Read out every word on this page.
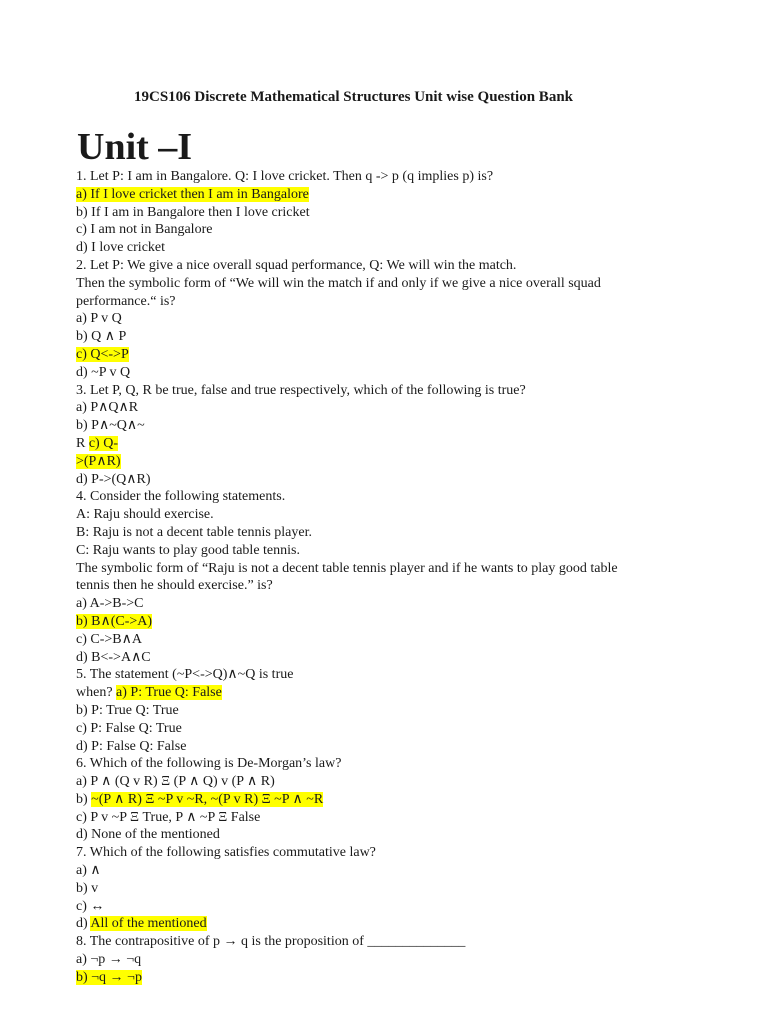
19CS106 Discrete Mathematical Structures Unit wise Question Bank
Unit –I
1. Let P: I am in Bangalore. Q: I love cricket. Then q -> p (q implies p) is?
a) If I love cricket then I am in Bangalore
b) If I am in Bangalore then I love cricket
c) I am not in Bangalore
d) I love cricket
2. Let P: We give a nice overall squad performance, Q: We will win the match.
Then the symbolic form of “We will win the match if and only if we give a nice overall squad
performance.“ is?
a) P v Q
b) Q ∧ P
c) Q<->P
d) ~P v Q
3. Let P, Q, R be true, false and true respectively, which of the following is true?
a) P∧Q∧R
b) P∧~Q∧~
R c) Q-
>(P∧R)
d) P->(Q∧R)
4. Consider the following statements.
A: Raju should exercise.
B: Raju is not a decent table tennis player.
C: Raju wants to play good table tennis.
The symbolic form of “Raju is not a decent table tennis player and if he wants to play good table
tennis then he should exercise.” is?
a) A->B->C
b) B∧(C->A)
c) C->B∧A
d) B<->A∧C
5. The statement (~P<->Q)∧~Q is true
when? a) P: True Q: False
b) P: True Q: True
c) P: False Q: True
d) P: False Q: False
6. Which of the following is De-Morgan’s law?
a) P ∧ (Q v R) Ξ (P ∧ Q) v (P ∧ R)
b) ~(P ∧ R) Ξ ~P v ~R, ~(P v R) Ξ ~P ∧ ~R
c) P v ~P Ξ True, P ∧ ~P Ξ False
d) None of the mentioned
7. Which of the following satisfies commutative law?
a) ∧
b) v
c) ↔
d) All of the mentioned
8. The contrapositive of p → q is the proposition of ______________
a) ¬p → ¬q
b) ¬q → ¬p
